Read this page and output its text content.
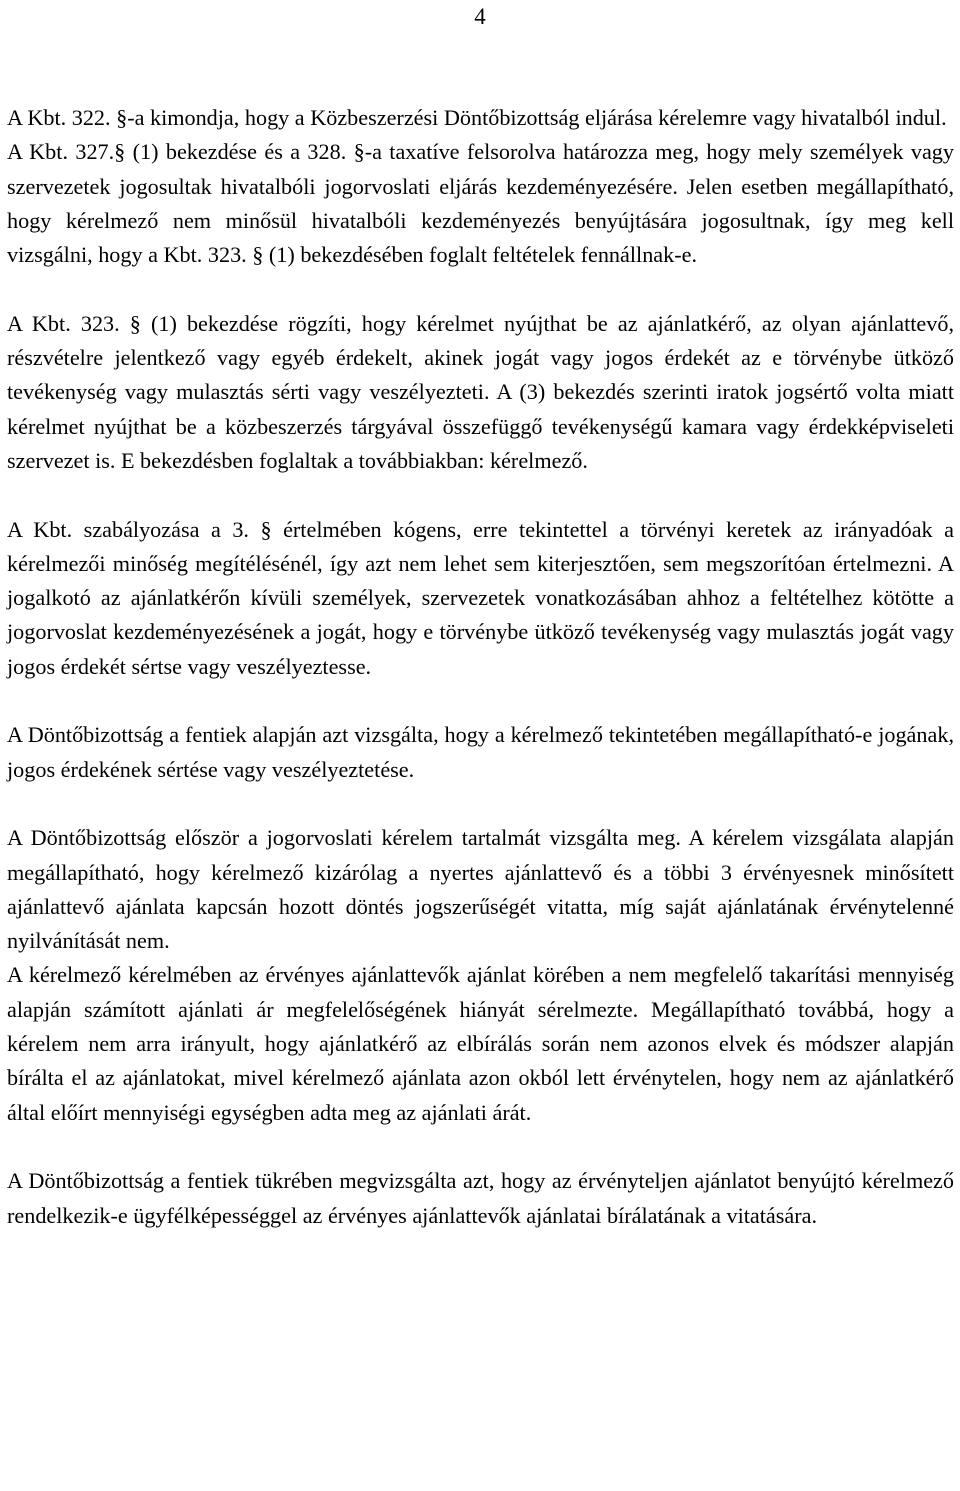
4

A Kbt. 322. §-a kimondja, hogy a Közbeszerzési Döntőbizottság eljárása kérelemre vagy hivatalból indul.

A Kbt. 327.§ (1) bekezdése és a 328. §-a taxatíve felsorolva határozza meg, hogy mely személyek vagy szervezetek jogosultak hivatalbóli jogorvoslati eljárás kezdeményezésére. Jelen esetben megállapítható, hogy kérelmező nem minősül hivatalbóli kezdeményezés benyújtására jogosultnak, így meg kell vizsgálni, hogy a Kbt. 323. § (1) bekezdésében foglalt feltételek fennállnak-e.

A Kbt. 323. § (1) bekezdése rögzíti, hogy kérelmet nyújthat be az ajánlatkérő, az olyan ajánlattevő, részvételre jelentkező vagy egyéb érdekelt, akinek jogát vagy jogos érdekét az e törvénybe ütköző tevékenység vagy mulasztás sérti vagy veszélyezteti. A (3) bekezdés szerinti iratok jogsértő volta miatt kérelmet nyújthat be a közbeszerzés tárgyával összefüggő tevékenységű kamara vagy érdekképviseleti szervezet is. E bekezdésben foglaltak a továbbiakban: kérelmező.

A Kbt. szabályozása a 3. § értelmében kógens, erre tekintettel a törvényi keretek az irányadóak a kérelmezői minőség megítélésénél, így azt nem lehet sem kiterjesztően, sem megszorítóan értelmezni. A jogalkotó az ajánlatkérőn kívüli személyek, szervezetek vonatkozásában ahhoz a feltételhez kötötte a jogorvoslat kezdeményezésének a jogát, hogy e törvénybe ütköző tevékenység vagy mulasztás jogát vagy jogos érdekét sértse vagy veszélyeztesse.

A Döntőbizottság a fentiek alapján azt vizsgálta, hogy a kérelmező tekintetében megállapítható-e jogának, jogos érdekének sértése vagy veszélyeztetése.

A Döntőbizottság először a jogorvoslati kérelem tartalmát vizsgálta meg. A kérelem vizsgálata alapján megállapítható, hogy kérelmező kizárólag a nyertes ajánlattevő és a többi 3 érvényesnek minősített ajánlattevő ajánlata kapcsán hozott döntés jogszerűségét vitatta, míg saját ajánlatának érvénytelenné nyilvánítását nem.

A kérelmező kérelmében az érvényes ajánlattevők ajánlat körében a nem megfelelő takarítási mennyiség alapján számított ajánlati ár megfelelőségének hiányát sérelmezte. Megállapítható továbbá, hogy a kérelem nem arra irányult, hogy ajánlatkérő az elbírálás során nem azonos elvek és módszer alapján bírálta el az ajánlatokat, mivel kérelmező ajánlata azon okból lett érvénytelen, hogy nem az ajánlatkérő által előírt mennyiségi egységben adta meg az ajánlati árát.

A Döntőbizottság a fentiek tükrében megvizsgálta azt, hogy az érvényteljen ajánlatot benyújtó kérelmező rendelkezik-e ügyfélképességgel az érvényes ajánlattevők ajánlatai bírálatának a vitatására.
